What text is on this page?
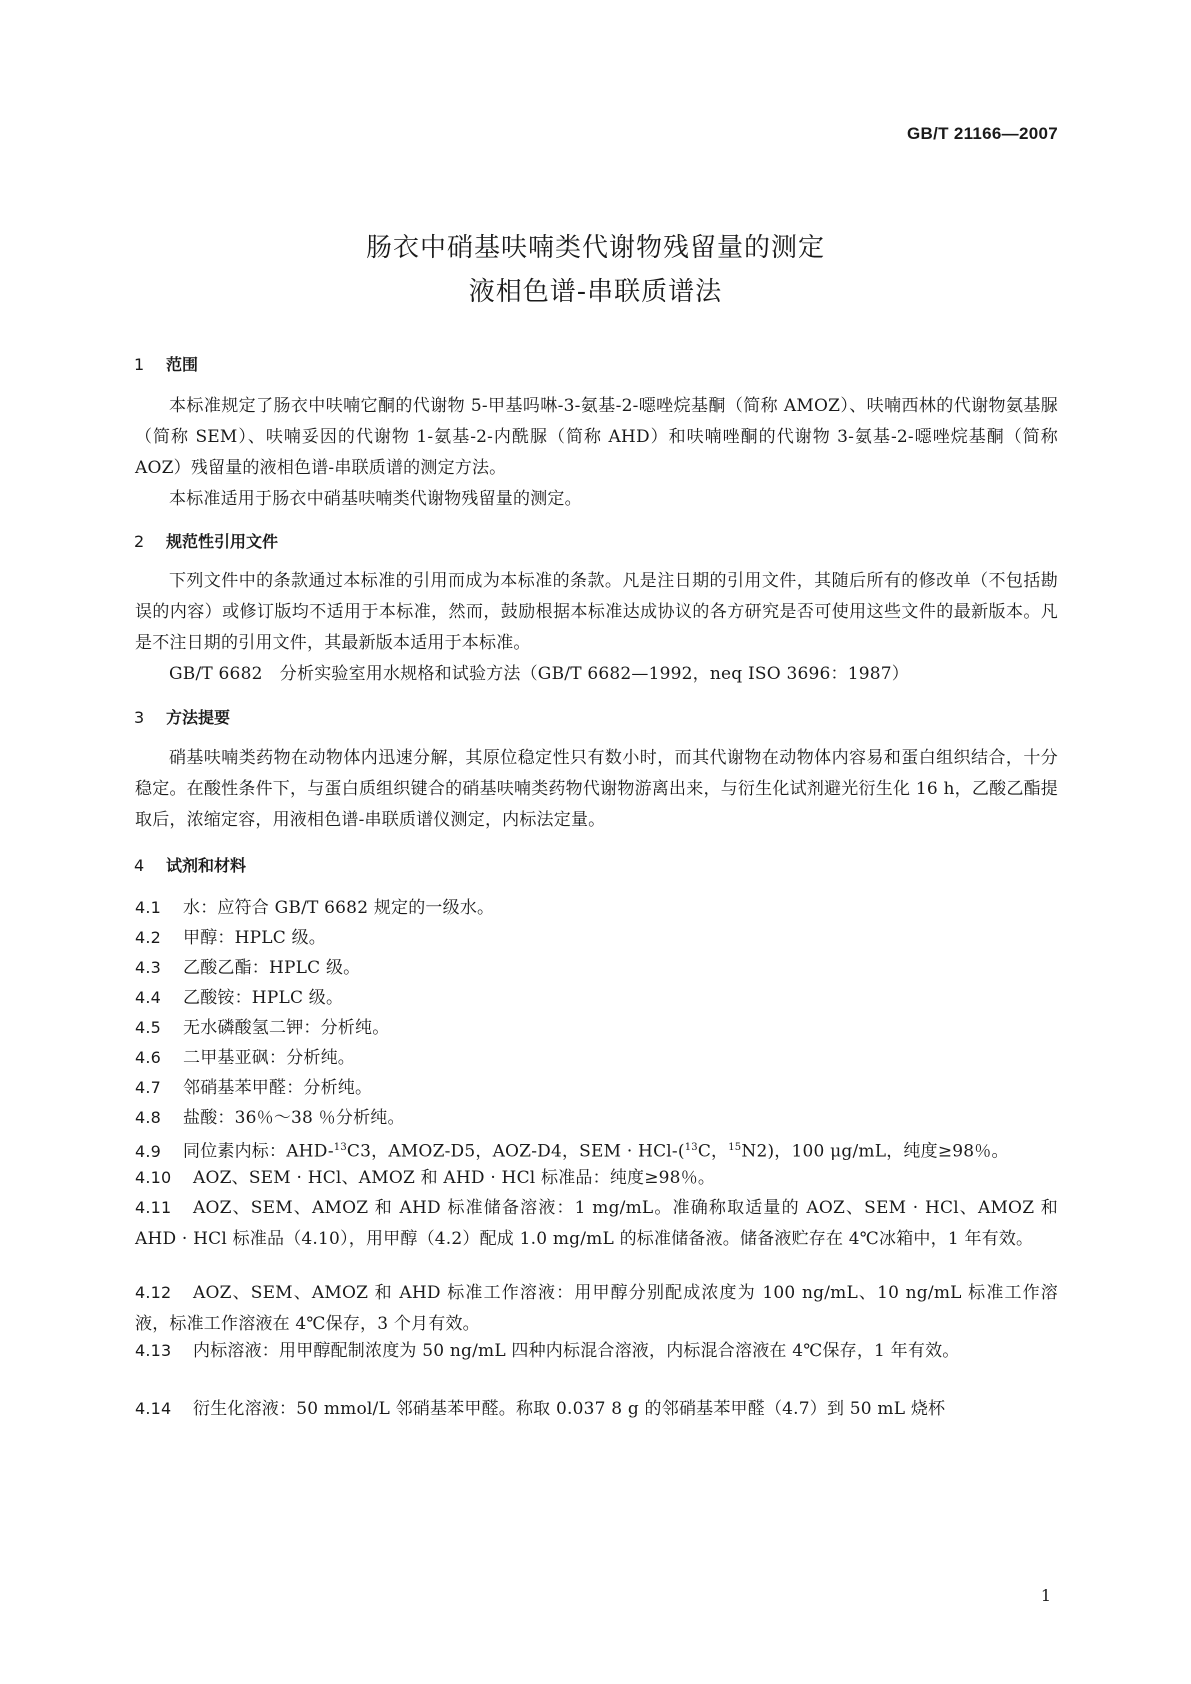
GB/T 21166—2007
肠衣中硝基呋喃类代谢物残留量的测定
液相色谱-串联质谱法
1 范围
本标准规定了肠衣中呋喃它酮的代谢物 5-甲基吗啉-3-氨基-2-噁唑烷基酮（简称 AMOZ）、呋喃西林的代谢物氨基脲（简称 SEM）、呋喃妥因的代谢物 1-氨基-2-内酰脲（简称 AHD）和呋喃唑酮的代谢物 3-氨基-2-噁唑烷基酮（简称 AOZ）残留量的液相色谱-串联质谱的测定方法。
本标准适用于肠衣中硝基呋喃类代谢物残留量的测定。
2 规范性引用文件
下列文件中的条款通过本标准的引用而成为本标准的条款。凡是注日期的引用文件，其随后所有的修改单（不包括勘误的内容）或修订版均不适用于本标准，然而，鼓励根据本标准达成协议的各方研究是否可使用这些文件的最新版本。凡是不注日期的引用文件，其最新版本适用于本标准。
GB/T 6682　分析实验室用水规格和试验方法（GB/T 6682—1992，neq ISO 3696：1987）
3 方法提要
硝基呋喃类药物在动物体内迅速分解，其原位稳定性只有数小时，而其代谢物在动物体内容易和蛋白组织结合，十分稳定。在酸性条件下，与蛋白质组织键合的硝基呋喃类药物代谢物游离出来，与衍生化试剂避光衍生化 16 h，乙酸乙酯提取后，浓缩定容，用液相色谱-串联质谱仪测定，内标法定量。
4 试剂和材料
4.1 水：应符合 GB/T 6682 规定的一级水。
4.2 甲醇：HPLC 级。
4.3 乙酸乙酯：HPLC 级。
4.4 乙酸铵：HPLC 级。
4.5 无水磷酸氢二钾：分析纯。
4.6 二甲基亚砜：分析纯。
4.7 邻硝基苯甲醛：分析纯。
4.8 盐酸：36％～38 ％分析纯。
4.9 同位素内标：AHD-$^{13}$C3，AMOZ-D5，AOZ-D4，SEM · HCl-($^{13}$C，$^{15}$N2)，100 μg/mL，纯度≥98％。
4.10 AOZ、SEM · HCl、AMOZ 和 AHD · HCl 标准品：纯度≥98％。
4.11 AOZ、SEM、AMOZ 和 AHD 标准储备溶液：1 mg/mL。准确称取适量的 AOZ、SEM · HCl、AMOZ 和 AHD · HCl 标准品（4.10），用甲醇（4.2）配成 1.0 mg/mL 的标准储备液。储备液贮存在 4℃冰箱中，1 年有效。
4.12 AOZ、SEM、AMOZ 和 AHD 标准工作溶液：用甲醇分别配成浓度为 100 ng/mL、10 ng/mL 标准工作溶液，标准工作溶液在 4℃保存，3 个月有效。
4.13 内标溶液：用甲醇配制浓度为 50 ng/mL 四种内标混合溶液，内标混合溶液在 4℃保存，1 年有效。
4.14 衍生化溶液：50 mmol/L 邻硝基苯甲醛。称取 0.037 8 g 的邻硝基苯甲醛（4.7）到 50 mL 烧杯
1
